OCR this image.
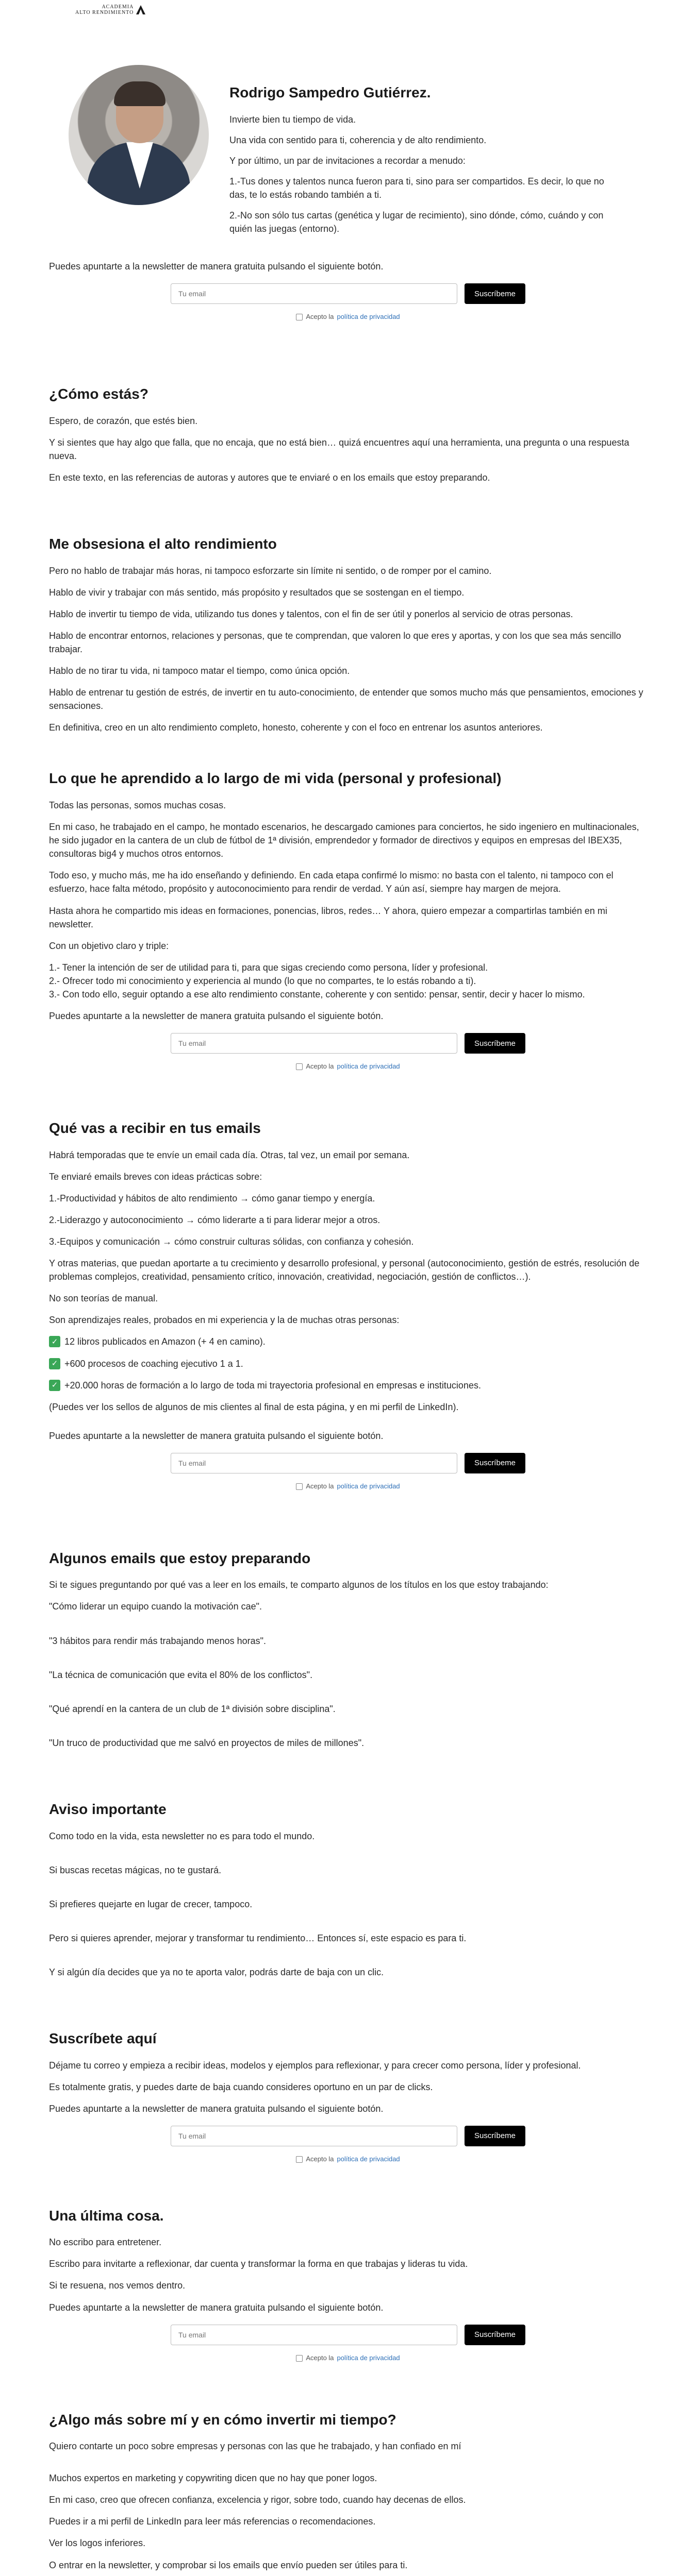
ACADEMIA
ALTO RENDIMIENTO
Rodrigo Sampedro Gutiérrez.

Invierte bien tu tiempo de vida.

Una vida con sentido para ti, coherencia y de alto rendimiento.

Y por último, un par de invitaciones a recordar a menudo:

1.-Tus dones y talentos nunca fueron para ti, sino para ser compartidos. Es decir, lo que no das, te lo estás robando también a ti.

2.-No son sólo tus cartas (genética y lugar de recimiento), sino dónde, cómo, cuándo y con quién las juegas (entorno).

Puedes apuntarte a la newsletter de manera gratuita pulsando el siguiente botón.

Tu email
Suscríbeme
Acepto la política de privacidad
¿Cómo estás?

Espero, de corazón, que estés bien.

Y si sientes que hay algo que falla, que no encaja, que no está bien… quizá encuentres aquí una herramienta, una pregunta o una respuesta nueva.

En este texto, en las referencias de autoras y autores que te enviaré o en los emails que estoy preparando.

Me obsesiona el alto rendimiento

Pero no hablo de trabajar más horas, ni tampoco esforzarte sin límite ni sentido, o de romper por el camino.

Hablo de vivir y trabajar con más sentido, más propósito y resultados que se sostengan en el tiempo.

Hablo de invertir tu tiempo de vida, utilizando tus dones y talentos, con el fin de ser útil y ponerlos al servicio de otras personas.

Hablo de encontrar entornos, relaciones y personas, que te comprendan, que valoren lo que eres y aportas, y con los que sea más sencillo trabajar.

Hablo de no tirar tu vida, ni tampoco matar el tiempo, como única opción.

Hablo de entrenar tu gestión de estrés, de invertir en tu auto-conocimiento, de entender que somos mucho más que pensamientos, emociones y sensaciones.

En definitiva, creo en un alto rendimiento completo, honesto, coherente y con el foco en entrenar los asuntos anteriores.

Lo que he aprendido a lo largo de mi vida (personal y profesional)

Todas las personas, somos muchas cosas.

En mi caso, he trabajado en el campo, he montado escenarios, he descargado camiones para conciertos, he sido ingeniero en multinacionales, he sido jugador en la cantera de un club de fútbol de 1ª división, emprendedor y formador de directivos y equipos en empresas del IBEX35, consultoras big4 y muchos otros entornos.

Todo eso, y mucho más, me ha ido enseñando y definiendo. En cada etapa confirmé lo mismo: no basta con el talento, ni tampoco con el esfuerzo, hace falta método, propósito y autoconocimiento para rendir de verdad. Y aún así, siempre hay margen de mejora.

Hasta ahora he compartido mis ideas en formaciones, ponencias, libros, redes… Y ahora, quiero empezar a compartirlas también en mi newsletter.

Con un objetivo claro y triple:

1.- Tener la intención de ser de utilidad para ti, para que sigas creciendo como persona, líder y profesional.

2.- Ofrecer todo mi conocimiento y experiencia al mundo (lo que no compartes, te lo estás robando a ti).

3.- Con todo ello, seguir optando a ese alto rendimiento constante, coherente y con sentido: pensar, sentir, decir y hacer lo mismo.

Puedes apuntarte a la newsletter de manera gratuita pulsando el siguiente botón.

Tu email
Suscríbeme
Acepto la política de privacidad
Qué vas a recibir en tus emails

Habrá temporadas que te envíe un email cada día. Otras, tal vez, un email por semana.

Te enviaré emails breves con ideas prácticas sobre:

1.-Productividad y hábitos de alto rendimiento → cómo ganar tiempo y energía.

2.-Liderazgo y autoconocimiento → cómo liderarte a ti para liderar mejor a otros.

3.-Equipos y comunicación → cómo construir culturas sólidas, con confianza y cohesión.

Y otras materias, que puedan aportarte a tu crecimiento y desarrollo profesional, y personal (autoconocimiento, gestión de estrés, resolución de problemas complejos, creatividad, pensamiento crítico, innovación, creatividad, negociación, gestión de conflictos…).

No son teorías de manual.

Son aprendizajes reales, probados en mi experiencia y la de muchas otras personas:

✓ 12 libros publicados en Amazon (+ 4 en camino).
✓ +600 procesos de coaching ejecutivo 1 a 1.
✓ +20.000 horas de formación a lo largo de toda mi trayectoria profesional en empresas e instituciones.

(Puedes ver los sellos de algunos de mis clientes al final de esta página, y en mi perfil de LinkedIn).

Puedes apuntarte a la newsletter de manera gratuita pulsando el siguiente botón.

Tu email
Suscríbeme
Acepto la política de privacidad
Algunos emails que estoy preparando

Si te sigues preguntando por qué vas a leer en los emails, te comparto algunos de los títulos en los que estoy trabajando:

"Cómo liderar un equipo cuando la motivación cae".

"3 hábitos para rendir más trabajando menos horas".

"La técnica de comunicación que evita el 80% de los conflictos".

"Qué aprendí en la cantera de un club de 1ª división sobre disciplina".

"Un truco de productividad que me salvó en proyectos de miles de millones".

Aviso importante

Como todo en la vida, esta newsletter no es para todo el mundo.

Si buscas recetas mágicas, no te gustará.

Si prefieres quejarte en lugar de crecer, tampoco.

Pero si quieres aprender, mejorar y transformar tu rendimiento… Entonces sí, este espacio es para ti.

Y si algún día decides que ya no te aporta valor, podrás darte de baja con un clic.

Suscríbete aquí

Déjame tu correo y empieza a recibir ideas, modelos y ejemplos para reflexionar, y para crecer como persona, líder y profesional.

Es totalmente gratis, y puedes darte de baja cuando consideres oportuno en un par de clicks.

Puedes apuntarte a la newsletter de manera gratuita pulsando el siguiente botón.

Tu email
Suscríbeme
Acepto la política de privacidad
Una última cosa.

No escribo para entretener.

Escribo para invitarte a reflexionar, dar cuenta y transformar la forma en que trabajas y lideras tu vida.

Si te resuena, nos vemos dentro.

Puedes apuntarte a la newsletter de manera gratuita pulsando el siguiente botón.

Tu email
Suscríbeme
Acepto la política de privacidad
¿Algo más sobre mí y en cómo invertir mi tiempo?

Quiero contarte un poco sobre empresas y personas con las que he trabajado, y han confiado en mí

Muchos expertos en marketing y copywriting dicen que no hay que poner logos.

En mi caso, creo que ofrecen confianza, excelencia y rigor, sobre todo, cuando hay decenas de ellos.

Puedes ir a mi perfil de LinkedIn para leer más referencias o recomendaciones.

Ver los logos inferiores.

O entrar en la newsletter, y comprobar si los emails que envío pueden ser útiles para ti.
